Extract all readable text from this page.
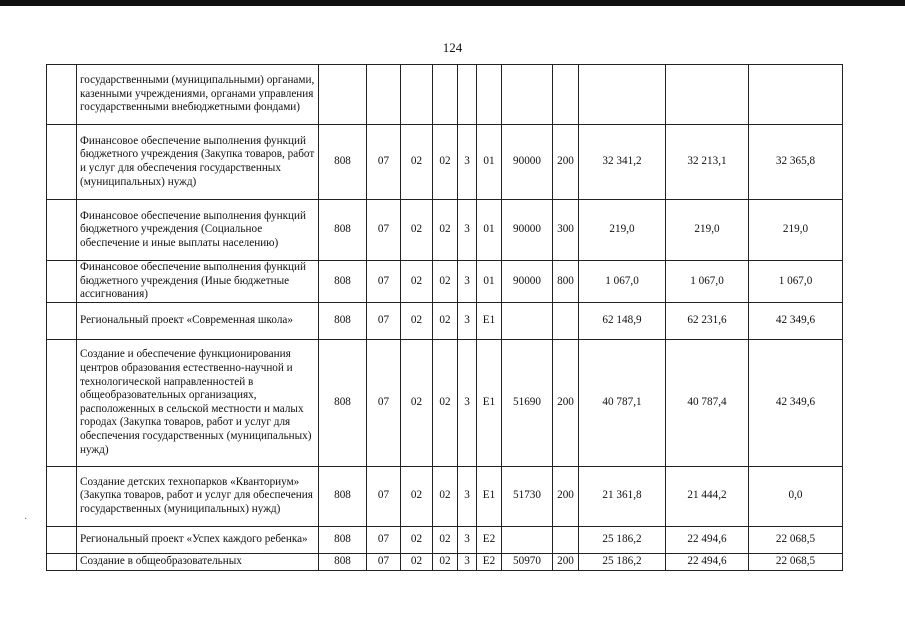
124
·
	государственными (муниципальными) органами, казенными учреждениями, органами управления государственными внебюджетными фондами)											
	Финансовое обеспечение выполнения функций бюджетного учреждения (Закупка товаров, работ и услуг для обеспечения государственных (муниципальных) нужд)	808	07	02	02	3	01	90000	200	32 341,2	32 213,1	32 365,8
	Финансовое обеспечение выполнения функций бюджетного учреждения (Социальное обеспечение и иные выплаты населению)	808	07	02	02	3	01	90000	300	219,0	219,0	219,0
	Финансовое обеспечение выполнения функций бюджетного учреждения (Иные бюджетные ассигнования)	808	07	02	02	3	01	90000	800	1 067,0	1 067,0	1 067,0
	Региональный проект «Современная школа»	808	07	02	02	3	E1			62 148,9	62 231,6	42 349,6
	Создание и обеспечение функционирования центров образования естественно-научной и технологической направленностей в общеобразовательных организациях, расположенных в сельской местности и малых городах (Закупка товаров, работ и услуг для обеспечения государственных (муниципальных) нужд)	808	07	02	02	3	E1	51690	200	40 787,1	40 787,4	42 349,6
	Создание детских технопарков «Кванториум» (Закупка товаров, работ и услуг для обеспечения государственных (муниципальных) нужд)	808	07	02	02	3	E1	51730	200	21 361,8	21 444,2	0,0
	Региональный проект «Успех каждого ребенка»	808	07	02	02	3	E2			25 186,2	22 494,6	22 068,5
	Создание в общеобразовательных	808	07	02	02	3	E2	50970	200	25 186,2	22 494,6	22 068,5
